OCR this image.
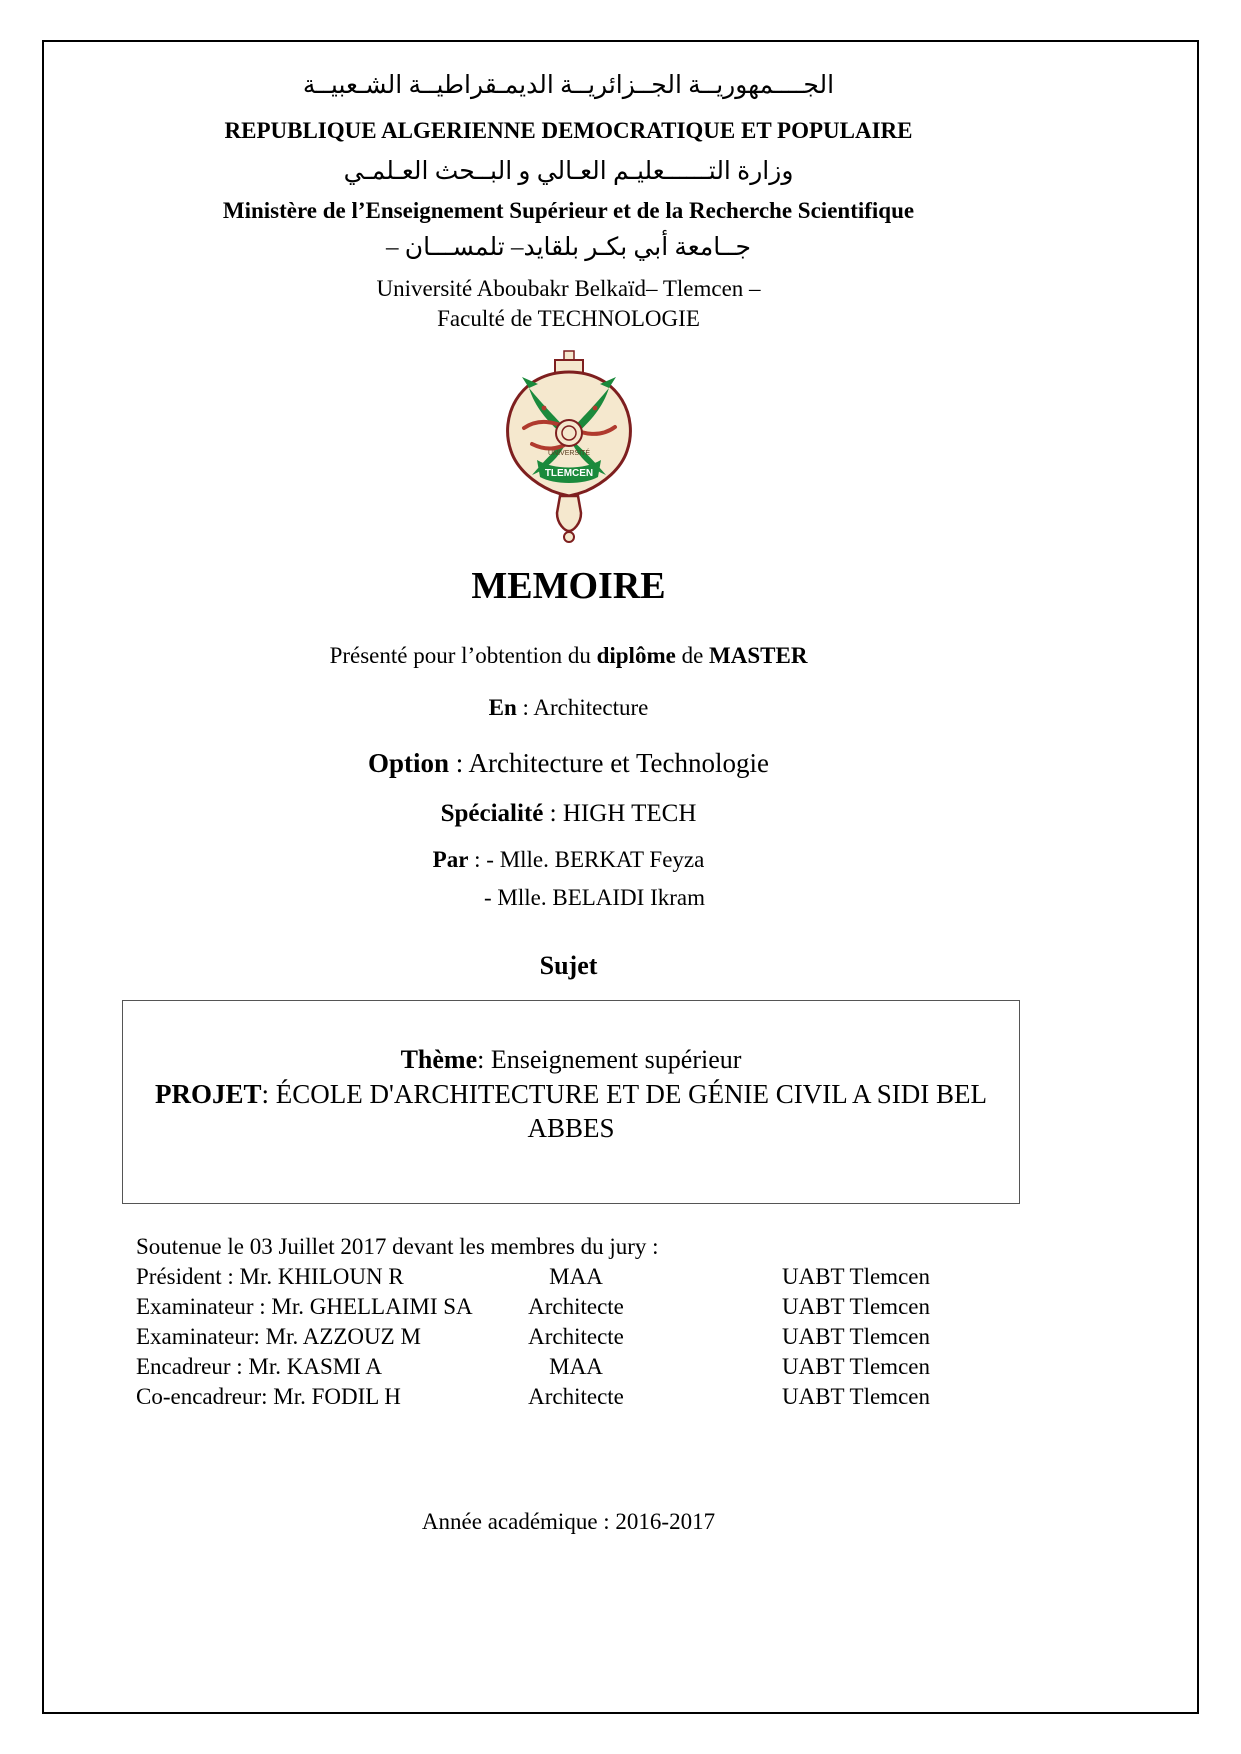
الجــــمهوريــة الجــزائريــة الديمـقراطيــة الشـعبيــة

REPUBLIQUE ALGERIENNE DEMOCRATIQUE ET POPULAIRE

وزارة التــــــعليـم العـالي و البــحث العـلمـي

Ministère de l’Enseignement Supérieur et de la Recherche Scientifique

جــامعة أبي بكـر بلقايد– تلمســـان –

Université Aboubakr Belkaïd– Tlemcen –

Faculté de TECHNOLOGIE

UNIVERSITÉ
TLEMCEN

MEMOIRE

Présenté pour l’obtention du diplôme de MASTER

En : Architecture

Option : Architecture et Technologie

Spécialité : HIGH TECH

Par : - Mlle. BERKAT Feyza

- Mlle. BELAIDI Ikram

Sujet

Thème: Enseignement supérieur
PROJET: ÉCOLE D'ARCHITECTURE ET DE GÉNIE CIVIL A SIDI BEL ABBES

Soutenue le 03 Juillet 2017 devant les membres du jury :

Président : Mr. KHILOUN R	MAA	UABT Tlemcen
Examinateur : Mr. GHELLAIMI SA	Architecte	UABT Tlemcen
Examinateur: Mr. AZZOUZ M	Architecte	UABT Tlemcen
Encadreur : Mr. KASMI A	MAA	UABT Tlemcen
Co-encadreur: Mr. FODIL H	Architecte	UABT Tlemcen

Année académique : 2016-2017
